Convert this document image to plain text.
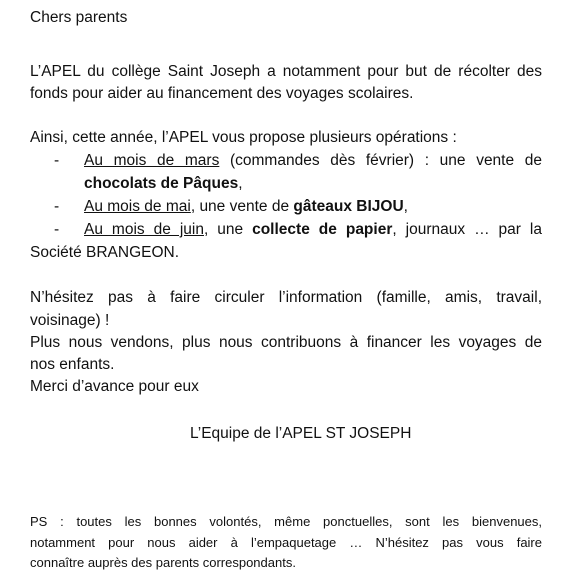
Chers parents
L’APEL du collège Saint Joseph a notamment pour but de récolter des
fonds pour aider au financement des voyages scolaires.
Ainsi, cette année, l’APEL vous propose plusieurs opérations :
- Au mois de mars (commandes dès février) : une vente de
chocolats de Pâques,
- Au mois de mai, une vente de gâteaux BIJOU,
- Au mois de juin, une collecte de papier, journaux … par la
Société BRANGEON.
N’hésitez pas à faire circuler l’information (famille, amis, travail,
voisinage) !
Plus nous vendons, plus nous contribuons à financer les voyages de
nos enfants.
Merci d’avance pour eux
L’Equipe de l’APEL ST JOSEPH
PS : toutes les bonnes volontés, même ponctuelles, sont les bienvenues,
notamment pour nous aider à l’empaquetage … N’hésitez pas vous faire
connaître auprès des parents correspondants.
